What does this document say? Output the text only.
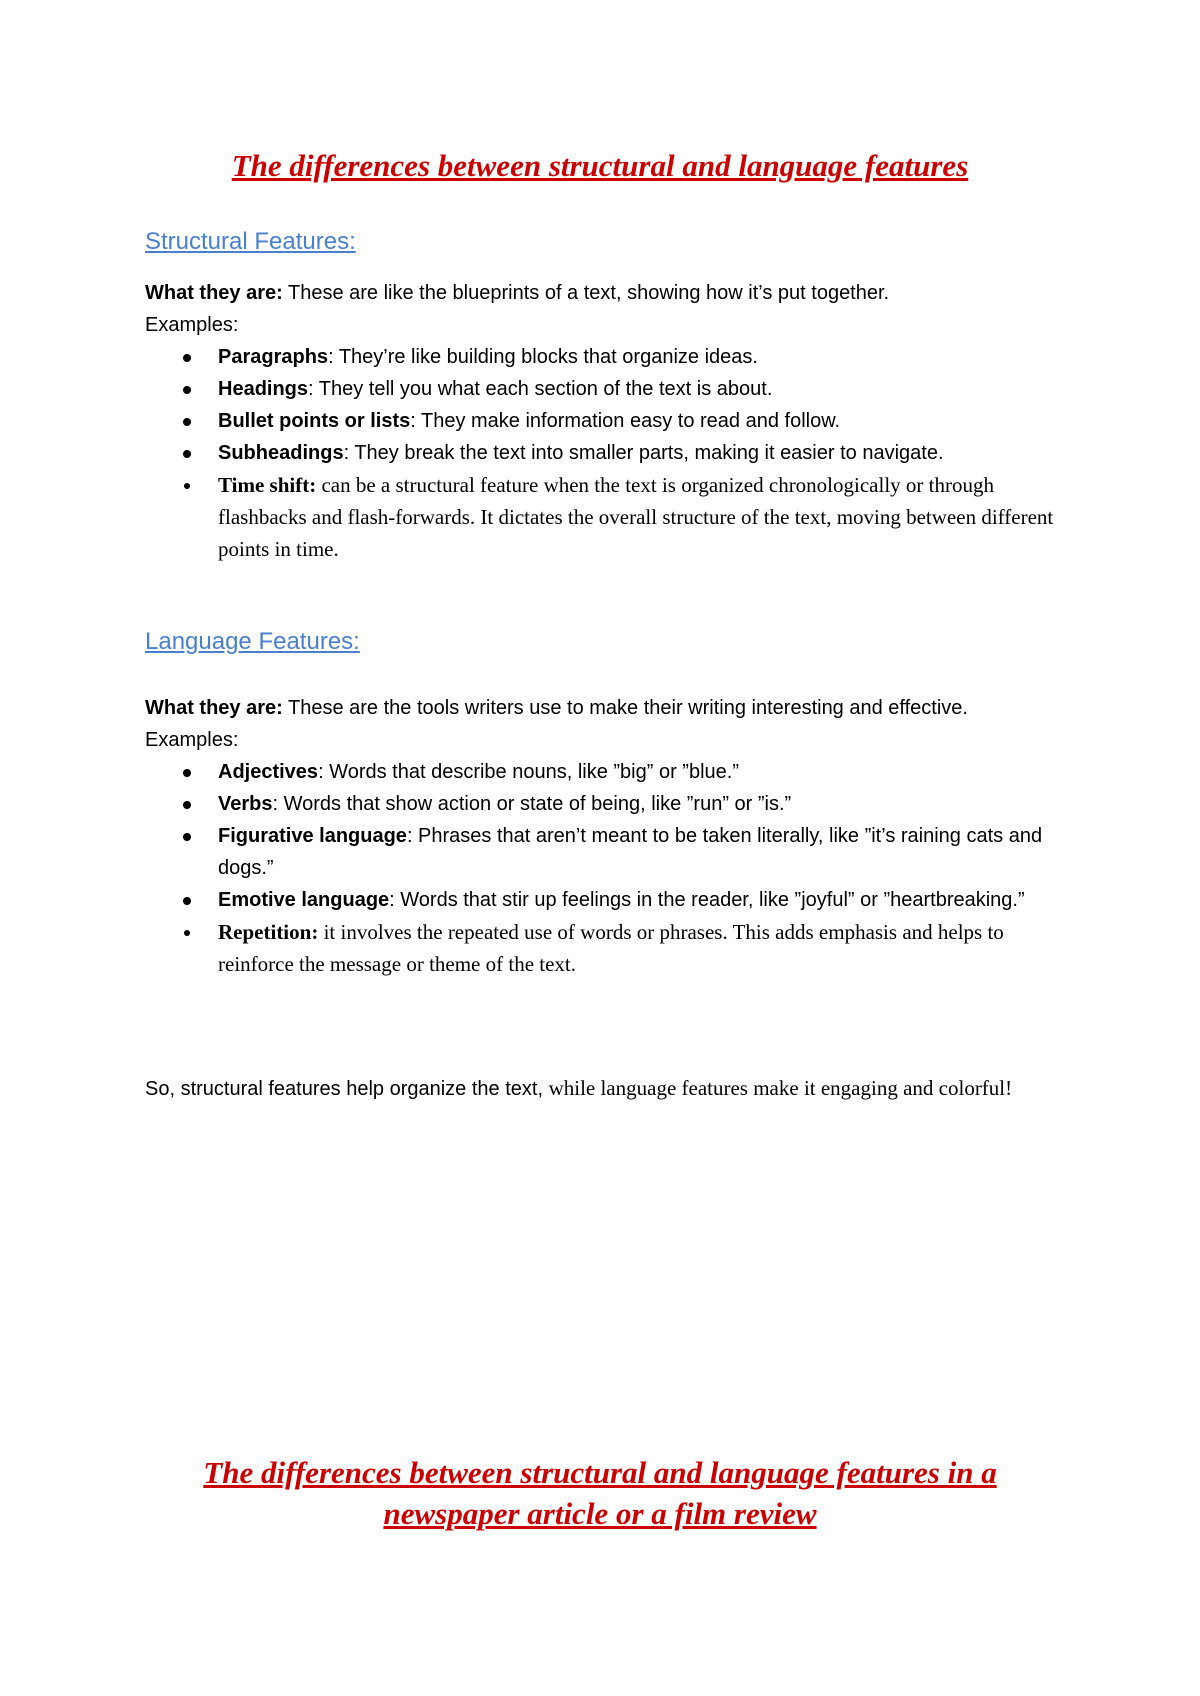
The differences between structural and language features
Structural Features:

What they are: These are like the blueprints of a text, showing how it’s put together.

Examples:

Paragraphs: They’re like building blocks that organize ideas.
Headings: They tell you what each section of the text is about.
Bullet points or lists: They make information easy to read and follow.
Subheadings: They break the text into smaller parts, making it easier to navigate.
Time shift: can be a structural feature when the text is organized chronologically or through flashbacks and flash-forwards. It dictates the overall structure of the text, moving between different points in time.
Language Features:

What they are: These are the tools writers use to make their writing interesting and effective.

Examples:

Adjectives: Words that describe nouns, like ”big” or ”blue.”
Verbs: Words that show action or state of being, like ”run” or ”is.”
Figurative language: Phrases that aren’t meant to be taken literally, like ”it’s raining cats and dogs.”
Emotive language: Words that stir up feelings in the reader, like ”joyful” or ”heartbreaking.”
Repetition: it involves the repeated use of words or phrases. This adds emphasis and helps to reinforce the message or theme of the text.
So, structural features help organize the text, while language features make it engaging and colorful!
The differences between structural and language features in a newspaper article or a film review
